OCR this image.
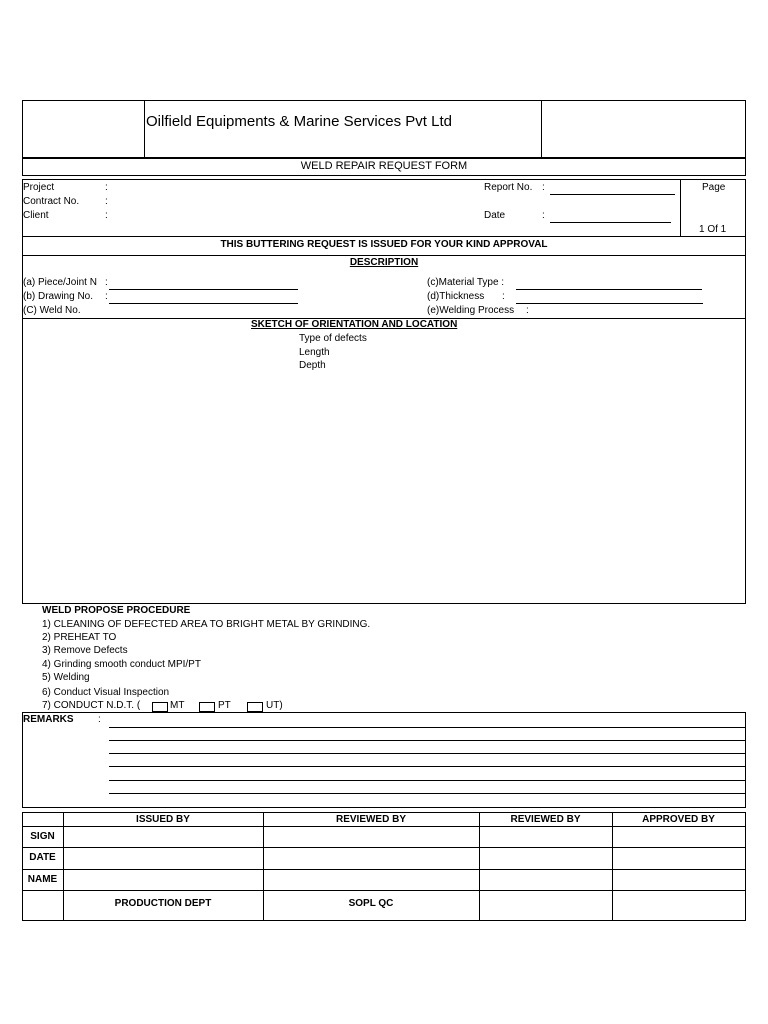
Oilfield Equipments & Marine Services Pvt Ltd
WELD REPAIR REQUEST FORM
Project	:
Contract No.	:
Client	:
Report No. :
Date	:
Page
1 Of 1
THIS BUTTERING REQUEST IS ISSUED FOR YOUR KIND APPROVAL
DESCRIPTION
(a) Piece/Joint N :
(b) Drawing No. :
(C) Weld No.
(c)Material Type :
(d)Thickness :
(e)Welding Process :
SKETCH OF ORIENTATION AND LOCATION
Type of defects
Length
Depth
WELD PROPOSE PROCEDURE
1) CLEANING OF DEFECTED AREA TO BRIGHT METAL BY GRINDING.
2) PREHEAT TO
3) Remove Defects
4) Grinding smooth conduct MPI/PT
5) Welding
6) Conduct Visual Inspection
7) CONDUCT N.D.T. (	MT	PT	UT)
REMARKS :
ISSUED BY	REVIEWED BY	REVIEWED BY	APPROVED BY
SIGN
DATE
NAME
PRODUCTION DEPT	SOPL QC
